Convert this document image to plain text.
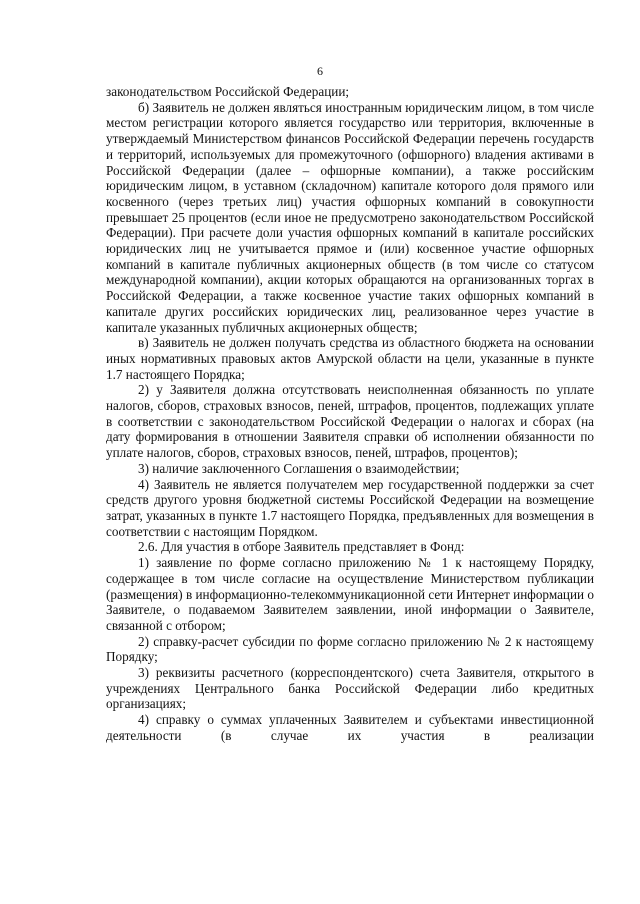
6

законодательством Российской Федерации;

б) Заявитель не должен являться иностранным юридическим лицом, в том числе местом регистрации которого является государство или территория, включенные в утверждаемый Министерством финансов Российской Федерации перечень государств и территорий, используемых для промежуточного (офшорного) владения активами в Российской Федерации (далее – офшорные компании), а также российским юридическим лицом, в уставном (складочном) капитале которого доля прямого или косвенного (через третьих лиц) участия офшорных компаний в совокупности превышает 25 процентов (если иное не предусмотрено законодательством Российской Федерации). При расчете доли участия офшорных компаний в капитале российских юридических лиц не учитывается прямое и (или) косвенное участие офшорных компаний в капитале публичных акционерных обществ (в том числе со статусом международной компании), акции которых обращаются на организованных торгах в Российской Федерации, а также косвенное участие таких офшорных компаний в капитале других российских юридических лиц, реализованное через участие в капитале указанных публичных акционерных обществ;

в) Заявитель не должен получать средства из областного бюджета на основании иных нормативных правовых актов Амурской области на цели, указанные в пункте 1.7 настоящего Порядка;

2) у Заявителя должна отсутствовать неисполненная обязанность по уплате налогов, сборов, страховых взносов, пеней, штрафов, процентов, подлежащих уплате в соответствии с законодательством Российской Федерации о налогах и сборах (на дату формирования в отношении Заявителя справки об исполнении обязанности по уплате налогов, сборов, страховых взносов, пеней, штрафов, процентов);

3) наличие заключенного Соглашения о взаимодействии;

4) Заявитель не является получателем мер государственной поддержки за счет средств другого уровня бюджетной системы Российской Федерации на возмещение затрат, указанных в пункте 1.7 настоящего Порядка, предъявленных для возмещения в соответствии с настоящим Порядком.

2.6. Для участия в отборе Заявитель представляет в Фонд:

1) заявление по форме согласно приложению № 1 к настоящему Порядку, содержащее в том числе согласие на осуществление Министерством публикации (размещения) в информационно-телекоммуникационной сети Интернет информации о Заявителе, о подаваемом Заявителем заявлении, иной информации о Заявителе, связанной с отбором;

2) справку-расчет субсидии по форме согласно приложению № 2 к настоящему Порядку;

3) реквизиты расчетного (корреспондентского) счета Заявителя, открытого в учреждениях Центрального банка Российской Федерации либо кредитных организациях;

4) справку о суммах уплаченных Заявителем и субъектами инвестиционной деятельности (в случае их участия в реализации
